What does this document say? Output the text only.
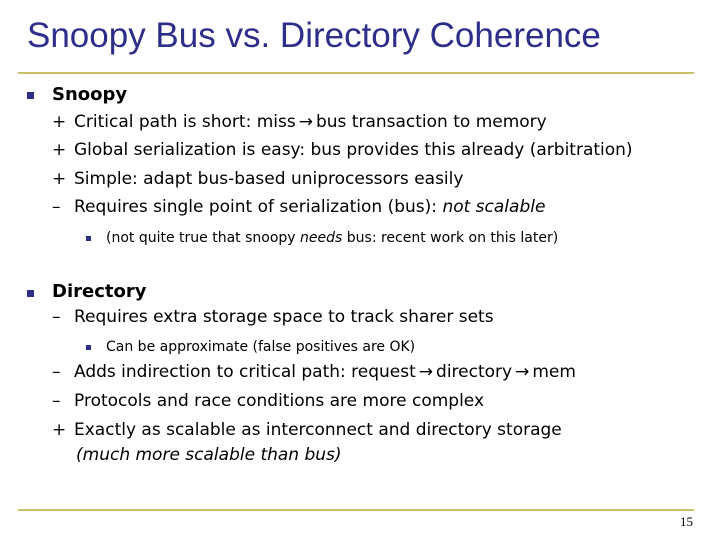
Snoopy Bus vs. Directory Coherence
Snoopy
+ Critical path is short: miss → bus transaction to memory
+ Global serialization is easy: bus provides this already (arbitration)
+ Simple: adapt bus-based uniprocessors easily
– Requires single point of serialization (bus): not scalable
(not quite true that snoopy needs bus: recent work on this later)
Directory
– Requires extra storage space to track sharer sets
Can be approximate (false positives are OK)
– Adds indirection to critical path: request → directory → mem
– Protocols and race conditions are more complex
+ Exactly as scalable as interconnect and directory storage
(much more scalable than bus)
15
